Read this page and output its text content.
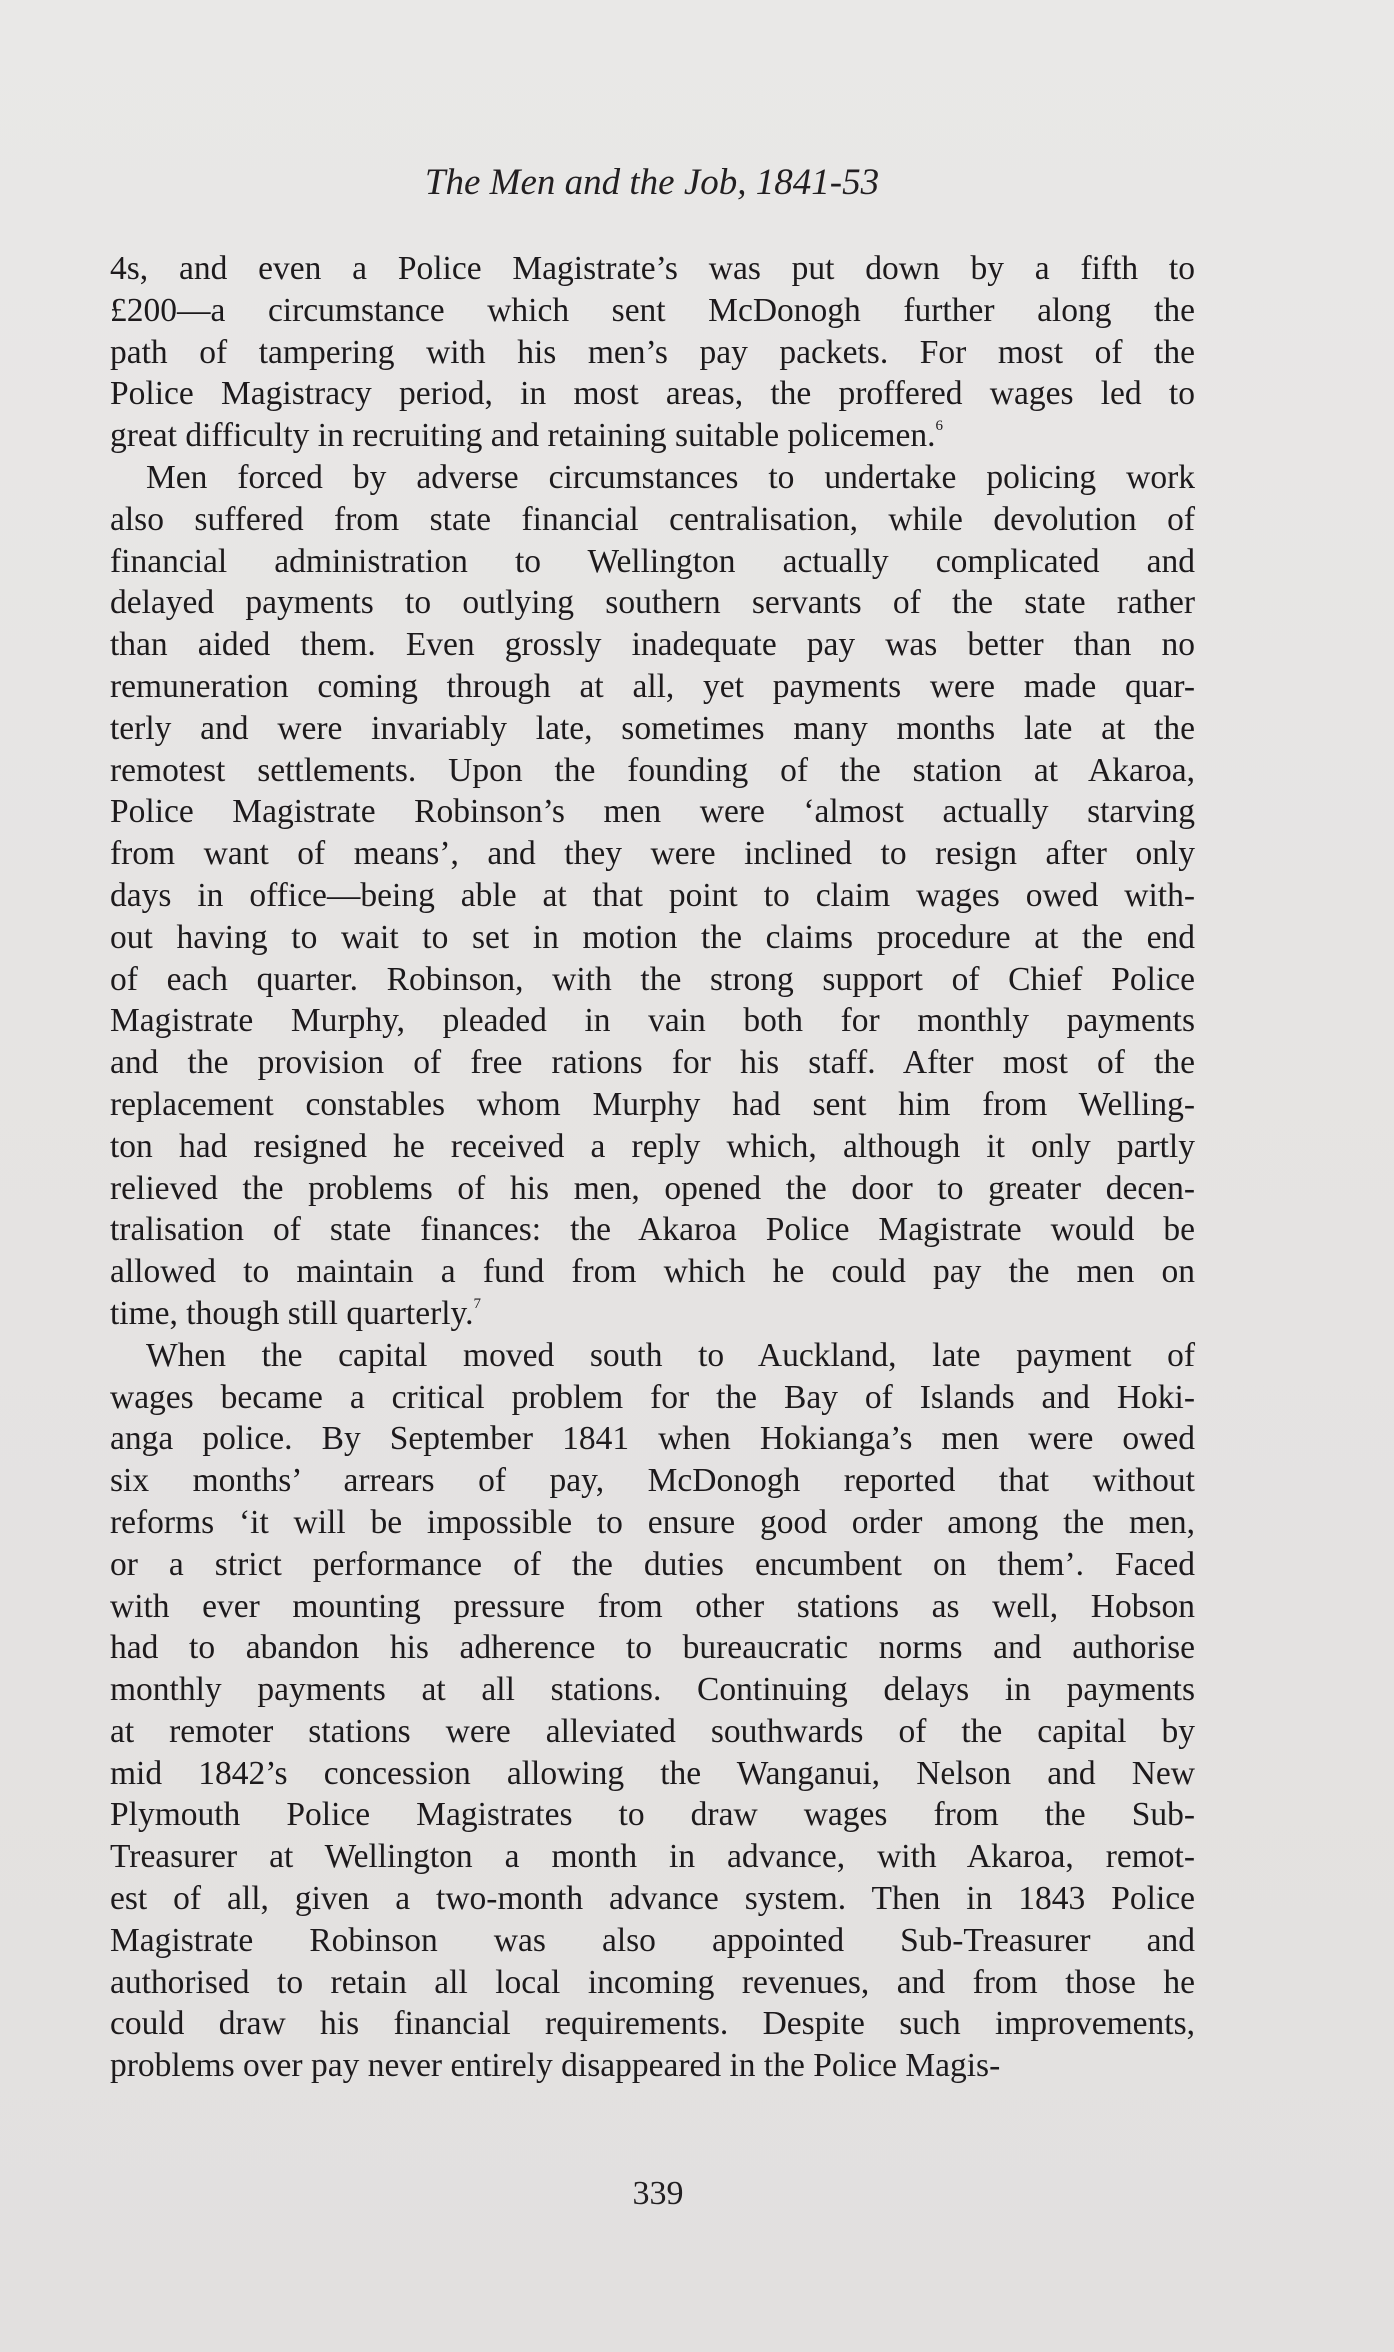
The Men and the Job, 1841-53

4s, and even a Police Magistrate’s was put down by a fifth to
£200—a circumstance which sent McDonogh further along the
path of tampering with his men’s pay packets. For most of the
Police Magistracy period, in most areas, the proffered wages led to
great difficulty in recruiting and retaining suitable policemen.$^6$

Men forced by adverse circumstances to undertake policing work
also suffered from state financial centralisation, while devolution of
financial administration to Wellington actually complicated and
delayed payments to outlying southern servants of the state rather
than aided them. Even grossly inadequate pay was better than no
remuneration coming through at all, yet payments were made quar-
terly and were invariably late, sometimes many months late at the
remotest settlements. Upon the founding of the station at Akaroa,
Police Magistrate Robinson’s men were ‘almost actually starving
from want of means’, and they were inclined to resign after only
days in office—being able at that point to claim wages owed with-
out having to wait to set in motion the claims procedure at the end
of each quarter. Robinson, with the strong support of Chief Police
Magistrate Murphy, pleaded in vain both for monthly payments
and the provision of free rations for his staff. After most of the
replacement constables whom Murphy had sent him from Welling-
ton had resigned he received a reply which, although it only partly
relieved the problems of his men, opened the door to greater decen-
tralisation of state finances: the Akaroa Police Magistrate would be
allowed to maintain a fund from which he could pay the men on
time, though still quarterly.$^7$

When the capital moved south to Auckland, late payment of
wages became a critical problem for the Bay of Islands and Hoki-
anga police. By September 1841 when Hokianga’s men were owed
six months’ arrears of pay, McDonogh reported that without
reforms ‘it will be impossible to ensure good order among the men,
or a strict performance of the duties encumbent on them’. Faced
with ever mounting pressure from other stations as well, Hobson
had to abandon his adherence to bureaucratic norms and authorise
monthly payments at all stations. Continuing delays in payments
at remoter stations were alleviated southwards of the capital by
mid 1842’s concession allowing the Wanganui, Nelson and New
Plymouth Police Magistrates to draw wages from the Sub-
Treasurer at Wellington a month in advance, with Akaroa, remot-
est of all, given a two-month advance system. Then in 1843 Police
Magistrate Robinson was also appointed Sub-Treasurer and
authorised to retain all local incoming revenues, and from those he
could draw his financial requirements. Despite such improvements,
problems over pay never entirely disappeared in the Police Magis-

339
